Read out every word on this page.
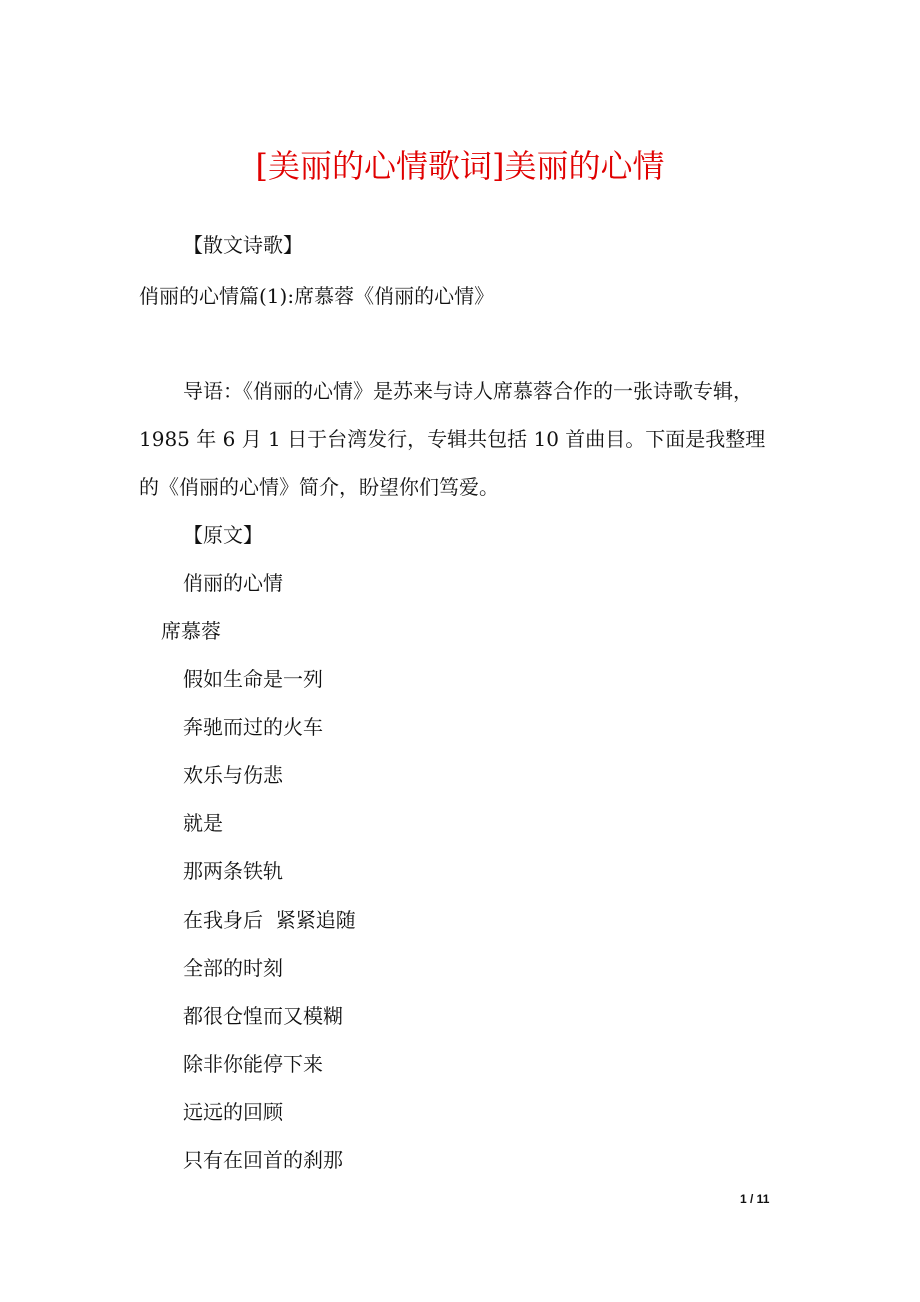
[美丽的心情歌词]美丽的心情

【散文诗歌】

俏丽的心情篇(1):席慕蓉《俏丽的心情》

导语：《俏丽的心情》是苏来与诗人席慕蓉合作的一张诗歌专辑，

1985 年 6 月 1 日于台湾发行，专辑共包括 10 首曲目。下面是我整理

的《俏丽的心情》简介，盼望你们笃爱。

【原文】

俏丽的心情

席慕蓉

假如生命是一列

奔驰而过的火车

欢乐与伤悲

就是

那两条铁轨

在我身后  紧紧追随

全部的时刻

都很仓惶而又模糊

除非你能停下来

远远的回顾

只有在回首的刹那

1 / 11
